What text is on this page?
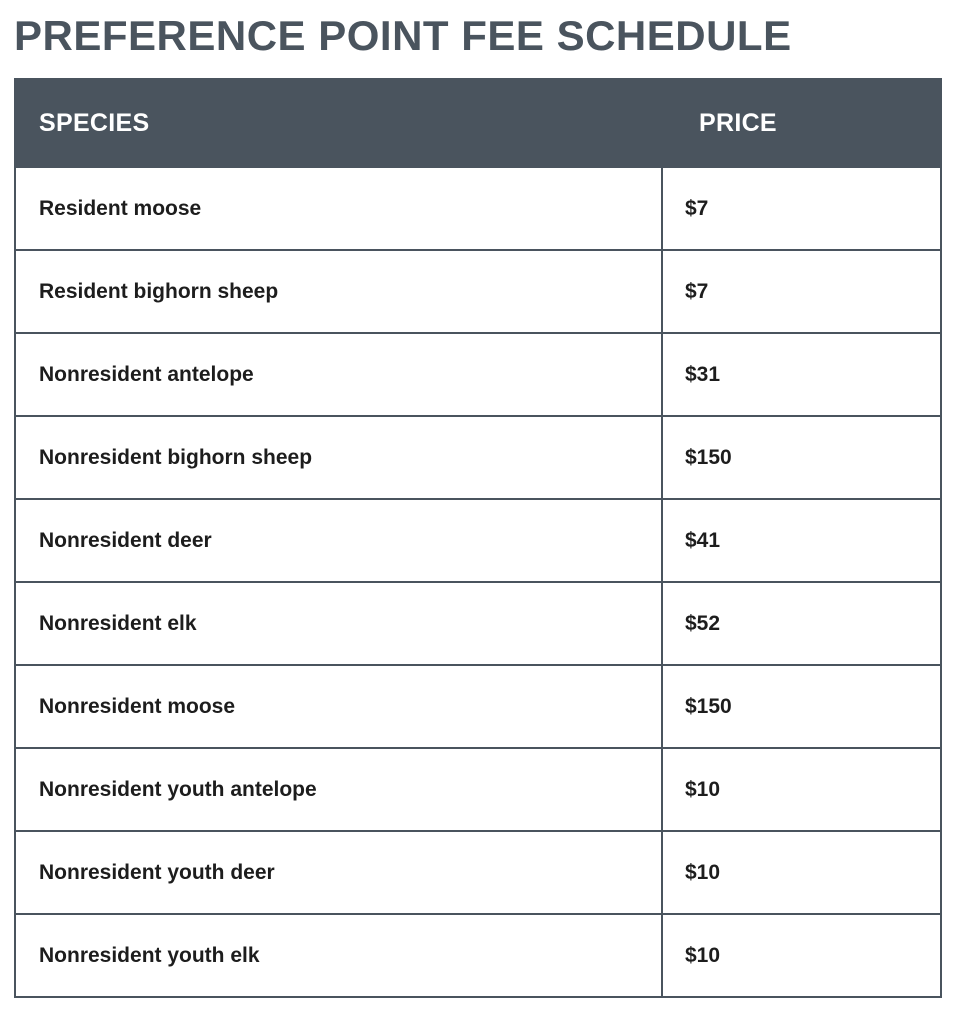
PREFERENCE POINT FEE SCHEDULE
SPECIES	PRICE
Resident moose	$7
Resident bighorn sheep	$7
Nonresident antelope	$31
Nonresident bighorn sheep	$150
Nonresident deer	$41
Nonresident elk	$52
Nonresident moose	$150
Nonresident youth antelope	$10
Nonresident youth deer	$10
Nonresident youth elk	$10
